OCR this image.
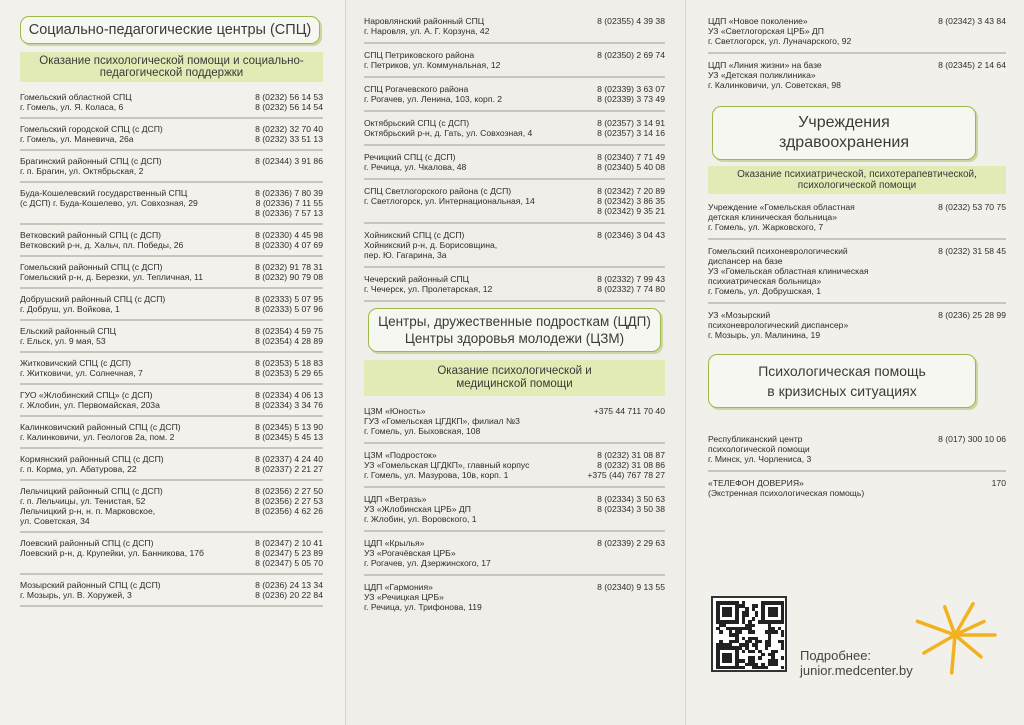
Социально-педагогические центры (СПЦ)
Оказание психологической помощи и социально-педагогической поддержки
Гомельский областной СПЦ
г. Гомель, ул. Я. Коласа, 6
8 (0232) 56 14 53
8 (0232) 56 14 54
Гомельский городской СПЦ (с ДСП)
г. Гомель, ул. Маневича, 26а
8 (0232) 32 70 40
8 (0232) 33 51 13
Брагинский районный СПЦ (с ДСП)
г. п. Брагин, ул. Октябрьская, 2
8 (02344) 3 91 86
Буда-Кошелевский государственный СПЦ
(с ДСП) г. Буда-Кошелево, ул. Совхозная, 29
8 (02336) 7 80 39
8 (02336) 7 11 55
8 (02336) 7 57 13
Ветковский районный СПЦ (с ДСП)
Ветковский р-н, д. Хальч, пл. Победы, 26
8 (02330) 4 45 98
8 (02330) 4 07 69
Гомельский районный СПЦ (с ДСП)
Гомельский р-н, д. Березки, ул. Тепличная, 11
8 (0232) 91 78 31
8 (0232) 90 79 08
Добрушский районный СПЦ (с ДСП)
г. Добруш, ул. Войкова, 1
8 (02333) 5 07 95
8 (02333) 5 07 96
Ельский районный СПЦ
г. Ельск, ул. 9 мая, 53
8 (02354) 4 59 75
8 (02354) 4 28 89
Житковичский СПЦ (с ДСП)
г. Житковичи, ул. Солнечная, 7
8 (02353) 5 18 83
8 (02353) 5 29 65
ГУО «Жлобинский СПЦ» (с ДСП)
г. Жлобин, ул. Первомайская, 203а
8 (02334) 4 06 13
8 (02334) 3 34 76
Калинковичский районный СПЦ (с ДСП)
г. Калинковичи, ул. Геологов 2а, пом. 2
8 (02345) 5 13 90
8 (02345) 5 45 13
Кормянский районный СПЦ (с ДСП)
г. п. Корма, ул. Абатурова, 22
8 (02337) 4 24 40
8 (02337) 2 21 27
Лельчицкий районный СПЦ (с ДСП)
г. п. Лельчицы, ул. Тенистая, 52
Лельчицкий р-н, н. п. Марковское,
ул. Советская, 34
8 (02356) 2 27 50
8 (02356) 2 27 53
8 (02356) 4 62 26
Лоевский районный СПЦ (с ДСП)
Лоевский р-н, д. Крупейки, ул. Банникова, 17б
8 (02347) 2 10 41
8 (02347) 5 23 89
8 (02347) 5 05 70
Мозырский районный СПЦ (с ДСП)
г. Мозырь, ул. В. Хоружей, 3
8 (0236) 24 13 34
8 (0236) 20 22 84
Наровлянский районный СПЦ
г. Наровля, ул. А. Г. Корзуна, 42
8 (02355) 4 39 38
СПЦ Петриковского района
г. Петриков, ул. Коммунальная, 12
8 (02350) 2 69 74
СПЦ Рогачевского района
г. Рогачев, ул. Ленина, 103, корп. 2
8 (02339) 3 63 07
8 (02339) 3 73 49
Октябрьский СПЦ (с ДСП)
Октябрьский р-н, д. Гать, ул. Совхозная, 4
8 (02357) 3 14 91
8 (02357) 3 14 16
Речицкий СПЦ (с ДСП)
г. Речица, ул. Чкалова, 48
8 (02340) 7 71 49
8 (02340) 5 40 08
СПЦ Светлогорского района (с ДСП)
г. Светлогорск, ул. Интернациональная, 14
8 (02342) 7 20 89
8 (02342) 3 86 35
8 (02342) 9 35 21
Хойникский СПЦ (с ДСП)
Хойникский р-н, д. Борисовщина,
пер. Ю. Гагарина, 3а
8 (02346) 3 04 43
Чечерский районный СПЦ
г. Чечерск, ул. Пролетарская, 12
8 (02332) 7 99 43
8 (02332) 7 74 80
Центры, дружественные подросткам (ЦДП)
Центры здоровья молодежи (ЦЗМ)
Оказание психологической и
медицинской помощи
ЦЗМ «Юность»
ГУЗ «Гомельская ЦГДКП», филиал №3
г. Гомель, ул. Быховская, 108
+375 44 711 70 40
ЦЗМ «Подросток»
УЗ «Гомельская ЦГДКП», главный корпус
г. Гомель, ул. Мазурова, 10в, корп. 1
8 (0232) 31 08 87
8 (0232) 31 08 86
+375 (44) 767 78 27
ЦДП «Ветразь»
УЗ «Жлобинская ЦРБ» ДП
г. Жлобин, ул. Воровского, 1
8 (02334) 3 50 63
8 (02334) 3 50 38
ЦДП «Крылья»
УЗ «Рогачёвская ЦРБ»
г. Рогачев, ул. Дзержинского, 17
8 (02339) 2 29 63
ЦДП «Гармония»
УЗ «Речицкая ЦРБ»
г. Речица, ул. Трифонова, 119
8 (02340) 9 13 55
ЦДП «Новое поколение»
УЗ «Светлогорская ЦРБ» ДП
г. Светлогорск, ул. Луначарского, 92
8 (02342) 3 43 84
ЦДП «Линия жизни» на базе
УЗ «Детская поликлиника»
г. Калинковичи, ул. Советская, 98
8 (02345) 2 14 64
Учреждения
здравоохранения
Оказание психиатрической, психотерапевтической,
психологической помощи
Учреждение «Гомельская областная
детская клиническая больница»
г. Гомель, ул. Жарковского, 7
8 (0232) 53 70 75
Гомельский психоневрологический
диспансер на базе
УЗ «Гомельская областная клиническая
психиатрическая больница»
г. Гомель, ул. Добрушская, 1
8 (0232) 31 58 45
УЗ «Мозырский
психоневрологический диспансер»
г. Мозырь, ул. Малинина, 19
8 (0236) 25 28 99
Психологическая помощь
в кризисных ситуациях
Республиканский центр
психологической помощи
г. Минск, ул. Чорлениса, 3
8 (017) 300 10 06
«ТЕЛЕФОН ДОВЕРИЯ»
(Экстренная психологическая помощь)
170
Подробнее:
junior.medcenter.by
